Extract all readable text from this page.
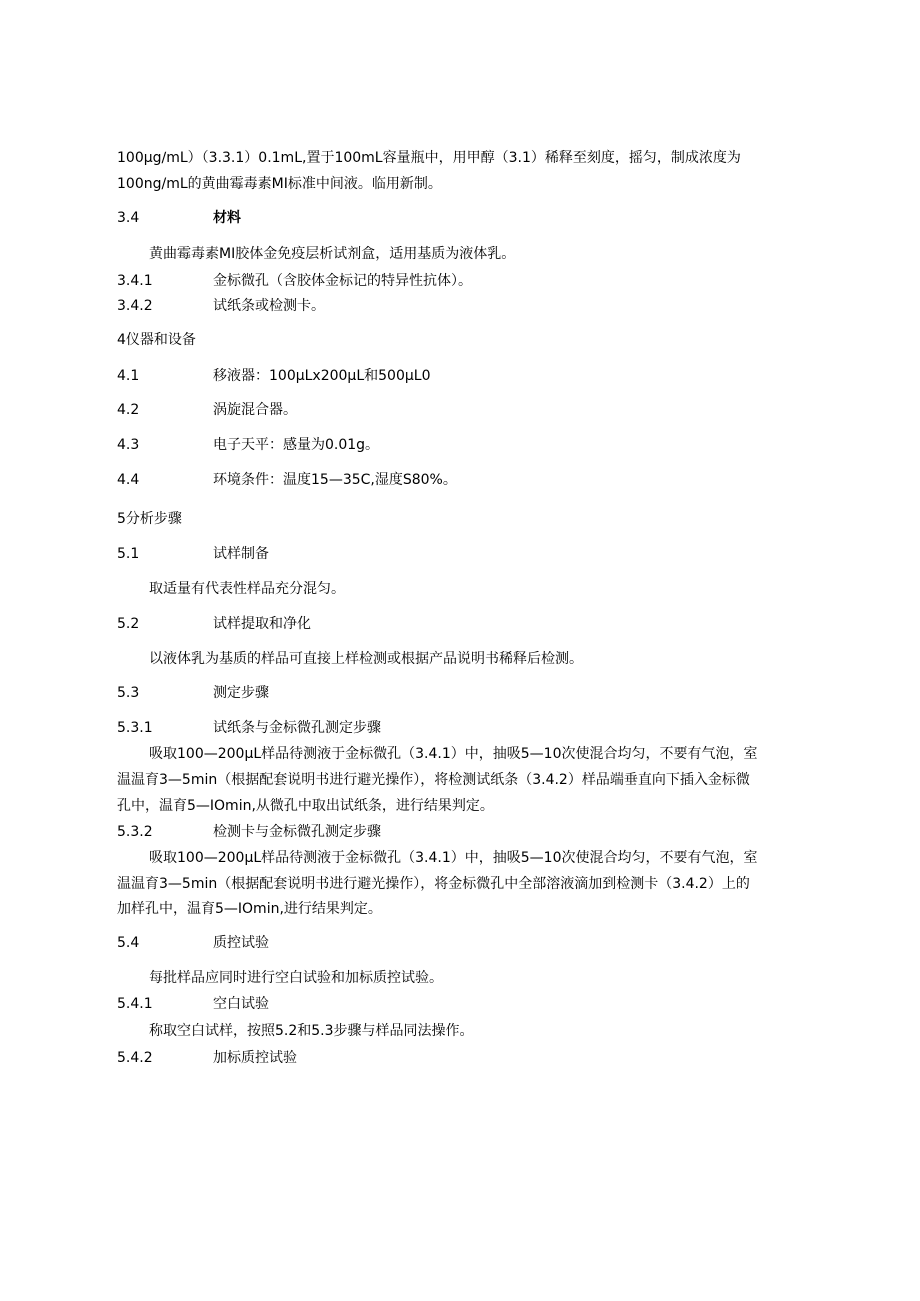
100μg∕mL）（3.3.1）0.1mL,置于100mL容量瓶中，用甲醇（3.1）稀释至刻度，摇匀，制成浓度为
100ng/mL的黄曲霉毒素MI标准中间液。临用新制。
3.4	材料
黄曲霉毒素MI胶体金免疫层析试剂盒，适用基质为液体乳。
3.4.1	金标微孔（含胶体金标记的特异性抗体）。
3.4.2	试纸条或检测卡。
4仪器和设备
4.1	移液器：100μLx200μL和500μL0
4.2	涡旋混合器。
4.3	电子天平：感量为0.01g。
4.4	环境条件：温度15—35C,湿度S80%。
5分析步骤
5.1	试样制备
取适量有代表性样品充分混匀。
5.2	试样提取和净化
以液体乳为基质的样品可直接上样检测或根据产品说明书稀释后检测。
5.3	测定步骤
5.3.1	试纸条与金标微孔测定步骤
吸取100—200μL样品待测液于金标微孔（3.4.1）中，抽吸5—10次使混合均匀，不要有气泡，室
温温育3—5min（根据配套说明书进行避光操作），将检测试纸条（3.4.2）样品端垂直向下插入金标微
孔中，温育5—IOmin,从微孔中取出试纸条，进行结果判定。
5.3.2	检测卡与金标微孔测定步骤
吸取100—200μL样品待测液于金标微孔（3.4.1）中，抽吸5—10次使混合均匀，不要有气泡，室
温温育3—5min（根据配套说明书进行避光操作），将金标微孔中全部溶液滴加到检测卡（3.4.2）上的
加样孔中，温育5—IOmin,进行结果判定。
5.4	质控试验
每批样品应同时进行空白试验和加标质控试验。
5.4.1	空白试验
称取空白试样，按照5.2和5.3步骤与样品同法操作。
5.4.2	加标质控试验
